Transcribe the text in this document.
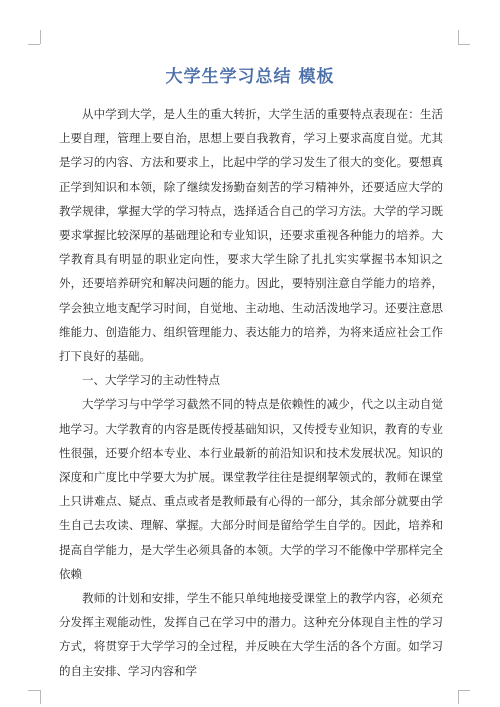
大学生学习总结 模板

从中学到大学，是人生的重大转折，大学生活的重要特点表现在：生活上要自理，管理上要自治，思想上要自我教育，学习上要求高度自觉。尤其是学习的内容、方法和要求上，比起中学的学习发生了很大的变化。要想真正学到知识和本领，除了继续发扬勤奋刻苦的学习精神外，还要适应大学的教学规律，掌握大学的学习特点，选择适合自己的学习方法。大学的学习既要求掌握比较深厚的基础理论和专业知识，还要求重视各种能力的培养。大学教育具有明显的职业定向性，要求大学生除了扎扎实实掌握书本知识之外，还要培养研究和解决问题的能力。因此，要特别注意自学能力的培养，学会独立地支配学习时间，自觉地、主动地、生动活泼地学习。还要注意思维能力、创造能力、组织管理能力、表达能力的培养，为将来适应社会工作打下良好的基础。

一、大学学习的主动性特点

大学学习与中学学习截然不同的特点是依赖性的减少，代之以主动自觉地学习。大学教育的内容是既传授基础知识，又传授专业知识，教育的专业性很强，还要介绍本专业、本行业最新的前沿知识和技术发展状况。知识的深度和广度比中学要大为扩展。课堂教学往往是提纲挈领式的，教师在课堂上只讲难点、疑点、重点或者是教师最有心得的一部分，其余部分就要由学生自己去攻读、理解、掌握。大部分时间是留给学生自学的。因此，培养和提高自学能力，是大学生必须具备的本领。大学的学习不能像中学那样完全依赖

教师的计划和安排，学生不能只单纯地接受课堂上的教学内容，必须充分发挥主观能动性，发挥自己在学习中的潜力。这种充分体现自主性的学习方式，将贯穿于大学学习的全过程，并反映在大学生活的各个方面。如学习的自主安排、学习内容和学
